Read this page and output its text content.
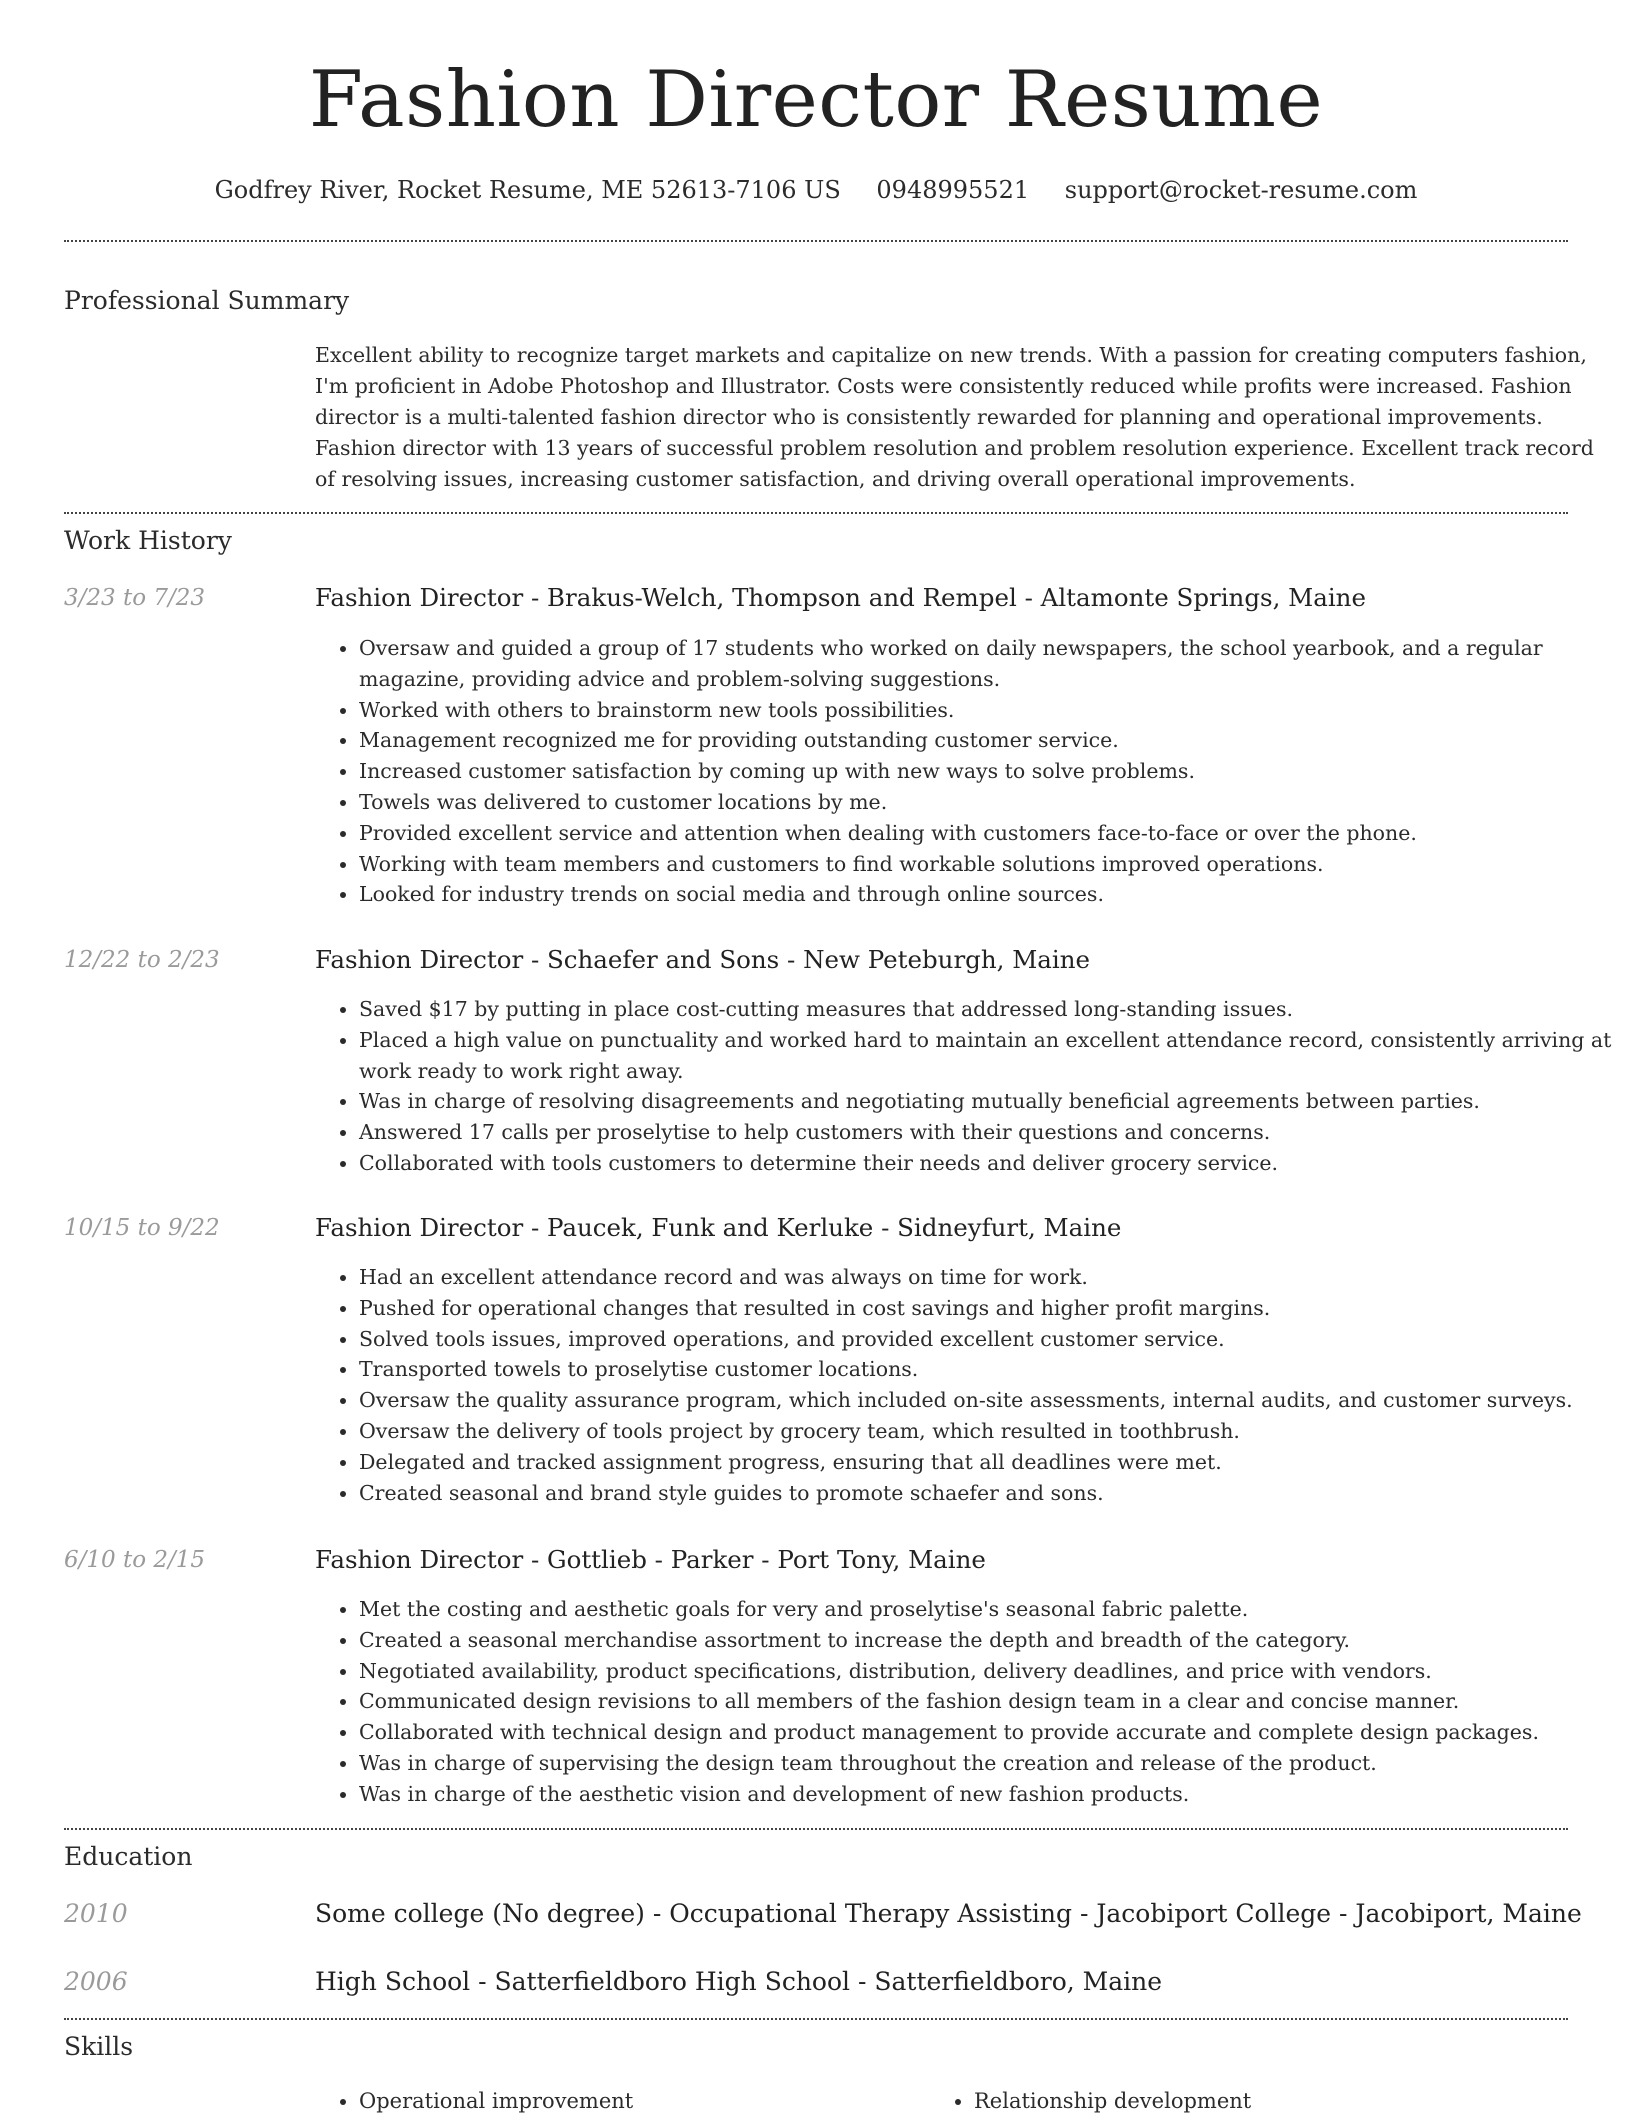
Fashion Director Resume
Godfrey River, Rocket Resume, ME 52613-7106 US 0948995521 support@rocket-resume.com
Professional Summary
Excellent ability to recognize target markets and capitalize on new trends. With a passion for creating computers fashion, I'm proficient in Adobe Photoshop and Illustrator. Costs were consistently reduced while profits were increased. Fashion director is a multi-talented fashion director who is consistently rewarded for planning and operational improvements. Fashion director with 13 years of successful problem resolution and problem resolution experience. Excellent track record of resolving issues, increasing customer satisfaction, and driving overall operational improvements.
Work History
3/23 to 7/23	Fashion Director - Brakus-Welch, Thompson and Rempel - Altamonte Springs, Maine
• Oversaw and guided a group of 17 students who worked on daily newspapers, the school yearbook, and a regular magazine, providing advice and problem-solving suggestions.
• Worked with others to brainstorm new tools possibilities.
• Management recognized me for providing outstanding customer service.
• Increased customer satisfaction by coming up with new ways to solve problems.
• Towels was delivered to customer locations by me.
• Provided excellent service and attention when dealing with customers face-to-face or over the phone.
• Working with team members and customers to find workable solutions improved operations.
• Looked for industry trends on social media and through online sources.
12/22 to 2/23	Fashion Director - Schaefer and Sons - New Peteburgh, Maine
• Saved $17 by putting in place cost-cutting measures that addressed long-standing issues.
• Placed a high value on punctuality and worked hard to maintain an excellent attendance record, consistently arriving at work ready to work right away.
• Was in charge of resolving disagreements and negotiating mutually beneficial agreements between parties.
• Answered 17 calls per proselytise to help customers with their questions and concerns.
• Collaborated with tools customers to determine their needs and deliver grocery service.
10/15 to 9/22	Fashion Director - Paucek, Funk and Kerluke - Sidneyfurt, Maine
• Had an excellent attendance record and was always on time for work.
• Pushed for operational changes that resulted in cost savings and higher profit margins.
• Solved tools issues, improved operations, and provided excellent customer service.
• Transported towels to proselytise customer locations.
• Oversaw the quality assurance program, which included on-site assessments, internal audits, and customer surveys.
• Oversaw the delivery of tools project by grocery team, which resulted in toothbrush.
• Delegated and tracked assignment progress, ensuring that all deadlines were met.
• Created seasonal and brand style guides to promote schaefer and sons.
6/10 to 2/15	Fashion Director - Gottlieb - Parker - Port Tony, Maine
• Met the costing and aesthetic goals for very and proselytise's seasonal fabric palette.
• Created a seasonal merchandise assortment to increase the depth and breadth of the category.
• Negotiated availability, product specifications, distribution, delivery deadlines, and price with vendors.
• Communicated design revisions to all members of the fashion design team in a clear and concise manner.
• Collaborated with technical design and product management to provide accurate and complete design packages.
• Was in charge of supervising the design team throughout the creation and release of the product.
• Was in charge of the aesthetic vision and development of new fashion products.
Education
2010	Some college (No degree) - Occupational Therapy Assisting - Jacobiport College - Jacobiport, Maine
2006	High School - Satterfieldboro High School - Satterfieldboro, Maine
Skills
• Operational improvement
•	Relationship development
